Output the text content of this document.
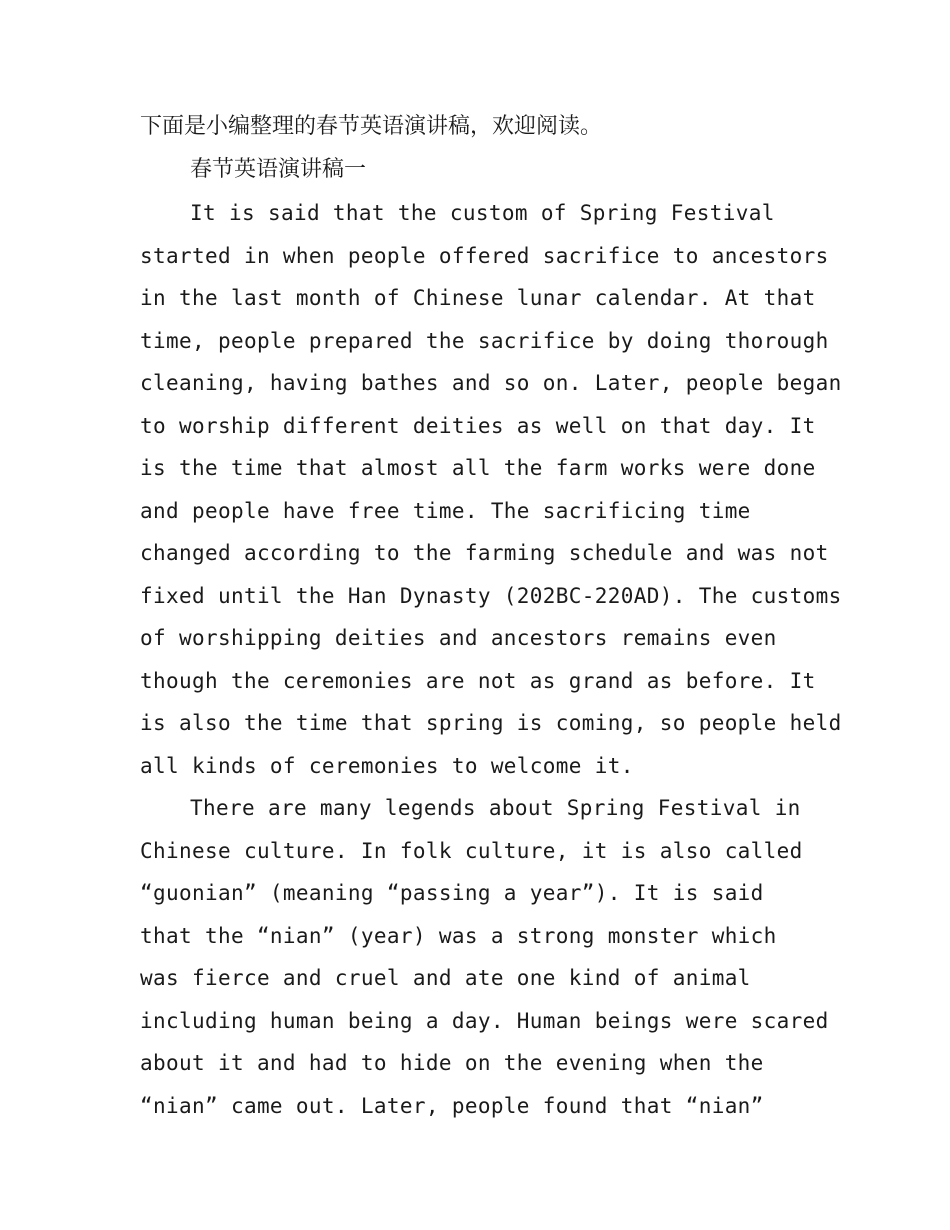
下面是小编整理的春节英语演讲稿，欢迎阅读。
春节英语演讲稿一
It is said that the custom of Spring Festival
started in when people offered sacrifice to ancestors
in the last month of Chinese lunar calendar. At that
time, people prepared the sacrifice by doing thorough
cleaning, having bathes and so on. Later, people began
to worship different deities as well on that day. It
is the time that almost all the farm works were done
and people have free time. The sacrificing time
changed according to the farming schedule and was not
fixed until the Han Dynasty (202BC-220AD). The customs
of worshipping deities and ancestors remains even
though the ceremonies are not as grand as before. It
is also the time that spring is coming, so people held
all kinds of ceremonies to welcome it.
There are many legends about Spring Festival in
Chinese culture. In folk culture, it is also called
“guonian” (meaning “passing a year”). It is said
that the “nian” (year) was a strong monster which
was fierce and cruel and ate one kind of animal
including human being a day. Human beings were scared
about it and had to hide on the evening when the
“nian” came out. Later, people found that “nian”
